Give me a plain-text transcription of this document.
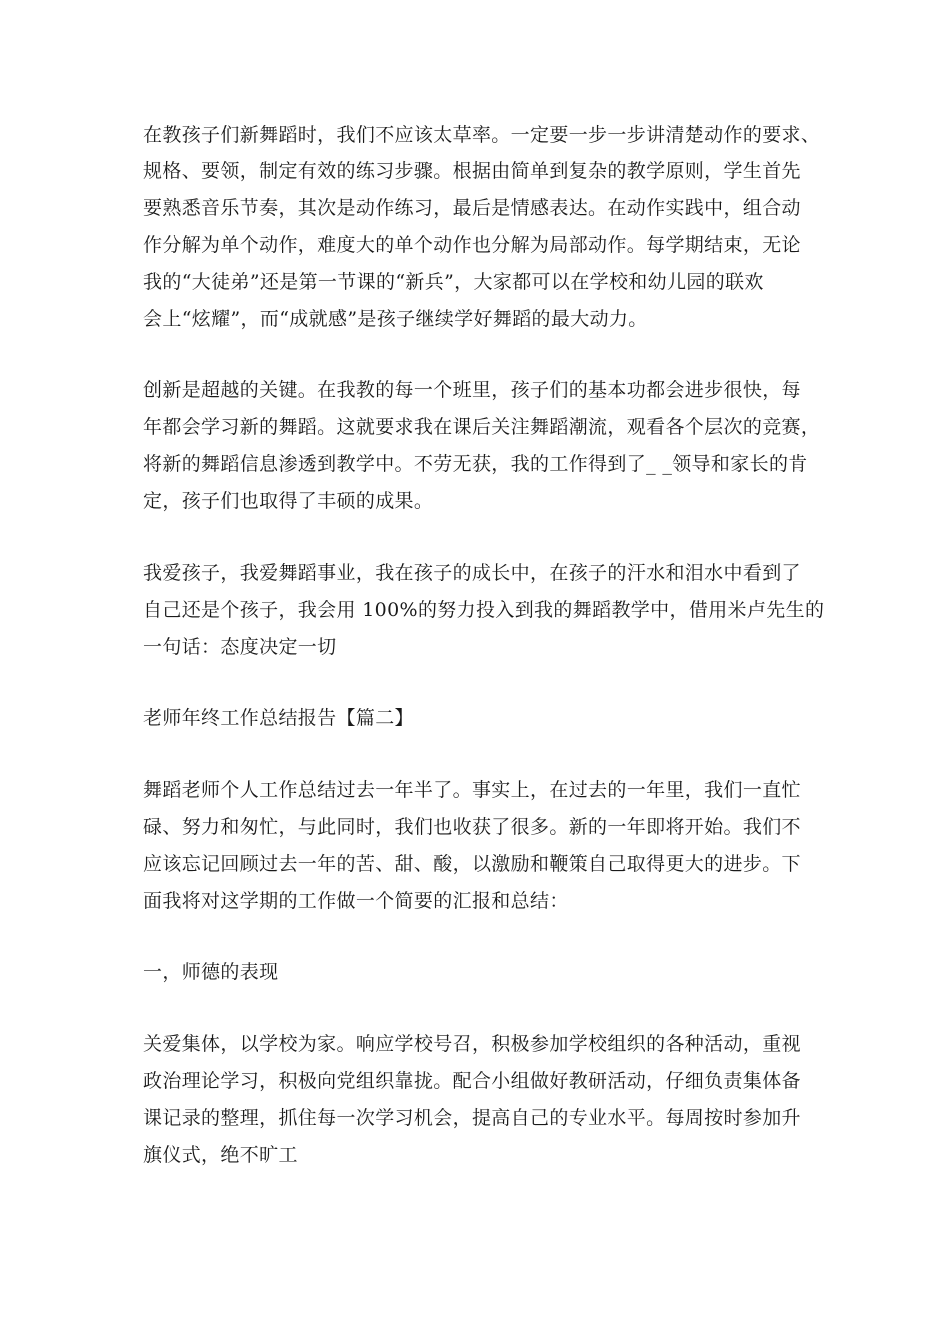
在教孩子们新舞蹈时，我们不应该太草率。一定要一步一步讲清楚动作的要求、
规格、要领，制定有效的练习步骤。根据由简单到复杂的教学原则，学生首先
要熟悉音乐节奏，其次是动作练习，最后是情感表达。在动作实践中，组合动
作分解为单个动作，难度大的单个动作也分解为局部动作。每学期结束，无论
我的“大徒弟”还是第一节课的“新兵”，大家都可以在学校和幼儿园的联欢
会上“炫耀”，而“成就感”是孩子继续学好舞蹈的最大动力。
创新是超越的关键。在我教的每一个班里，孩子们的基本功都会进步很快，每
年都会学习新的舞蹈。这就要求我在课后关注舞蹈潮流，观看各个层次的竞赛，
将新的舞蹈信息渗透到教学中。不劳无获，我的工作得到了_ _领导和家长的肯
定，孩子们也取得了丰硕的成果。
我爱孩子，我爱舞蹈事业，我在孩子的成长中，在孩子的汗水和泪水中看到了
自己还是个孩子，我会用 100%的努力投入到我的舞蹈教学中，借用米卢先生的
一句话：态度决定一切
老师年终工作总结报告【篇二】
舞蹈老师个人工作总结过去一年半了。事实上，在过去的一年里，我们一直忙
碌、努力和匆忙，与此同时，我们也收获了很多。新的一年即将开始。我们不
应该忘记回顾过去一年的苦、甜、酸，以激励和鞭策自己取得更大的进步。下
面我将对这学期的工作做一个简要的汇报和总结：
一，师德的表现
关爱集体，以学校为家。响应学校号召，积极参加学校组织的各种活动，重视
政治理论学习，积极向党组织靠拢。配合小组做好教研活动，仔细负责集体备
课记录的整理，抓住每一次学习机会，提高自己的专业水平。每周按时参加升
旗仪式，绝不旷工
